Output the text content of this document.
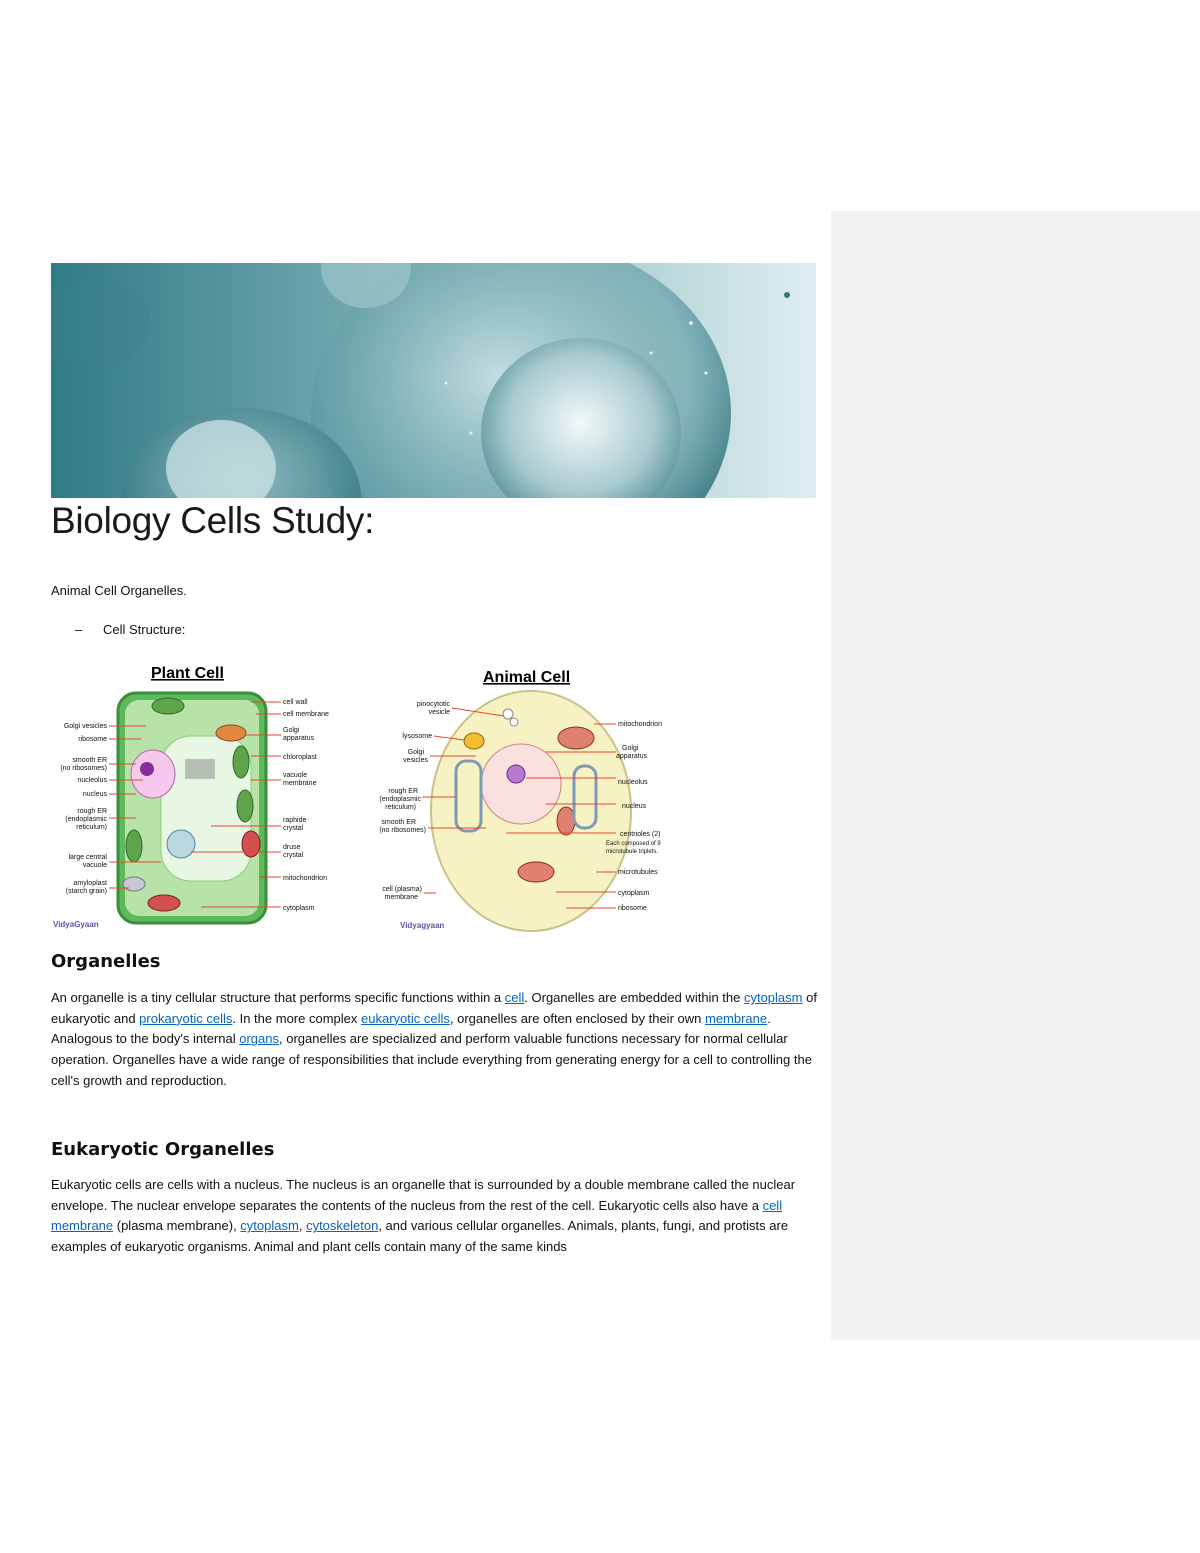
Biology Cells Study:
Animal Cell Organelles.
– Cell Structure:
Plant Cell
Golgi vesicles
ribosome
smooth ER
(no ribosomes)
nucleolus
nucleus
rough ER
(endoplasmic
reticulum)
large central
vacuole
amyloplast
(starch grain)
cell wall
cell membrane
Golgi
apparatus
chloroplast
vacuole
membrane
raphide
crystal
druse
crystal
mitochondrion
cytoplasm
VidyaGyaan
Animal Cell
pinocytotic
vesicle
lysosome
Golgi
vesicles
rough ER
(endoplasmic
reticulum)
smooth ER
(no ribosomes)
cell (plasma)
membrane
mitochondrion
Golgi
apparatus
nucleolus
nucleus
centrioles (2)
Each composed of 9
microtubule triplets.
microtubules
cytoplasm
ribosome
Vidyagyaan
Organelles

An organelle is a tiny cellular structure that performs specific functions within a cell. Organelles are embedded within the cytoplasm of eukaryotic and prokaryotic cells. In the more complex eukaryotic cells, organelles are often enclosed by their own membrane. Analogous to the body's internal organs, organelles are specialized and perform valuable functions necessary for normal cellular operation. Organelles have a wide range of responsibilities that include everything from generating energy for a cell to controlling the cell's growth and reproduction.

Eukaryotic Organelles

Eukaryotic cells are cells with a nucleus. The nucleus is an organelle that is surrounded by a double membrane called the nuclear envelope. The nuclear envelope separates the contents of the nucleus from the rest of the cell. Eukaryotic cells also have a cell membrane (plasma membrane), cytoplasm, cytoskeleton, and various cellular organelles. Animals, plants, fungi, and protists are examples of eukaryotic organisms. Animal and plant cells contain many of the same kinds
